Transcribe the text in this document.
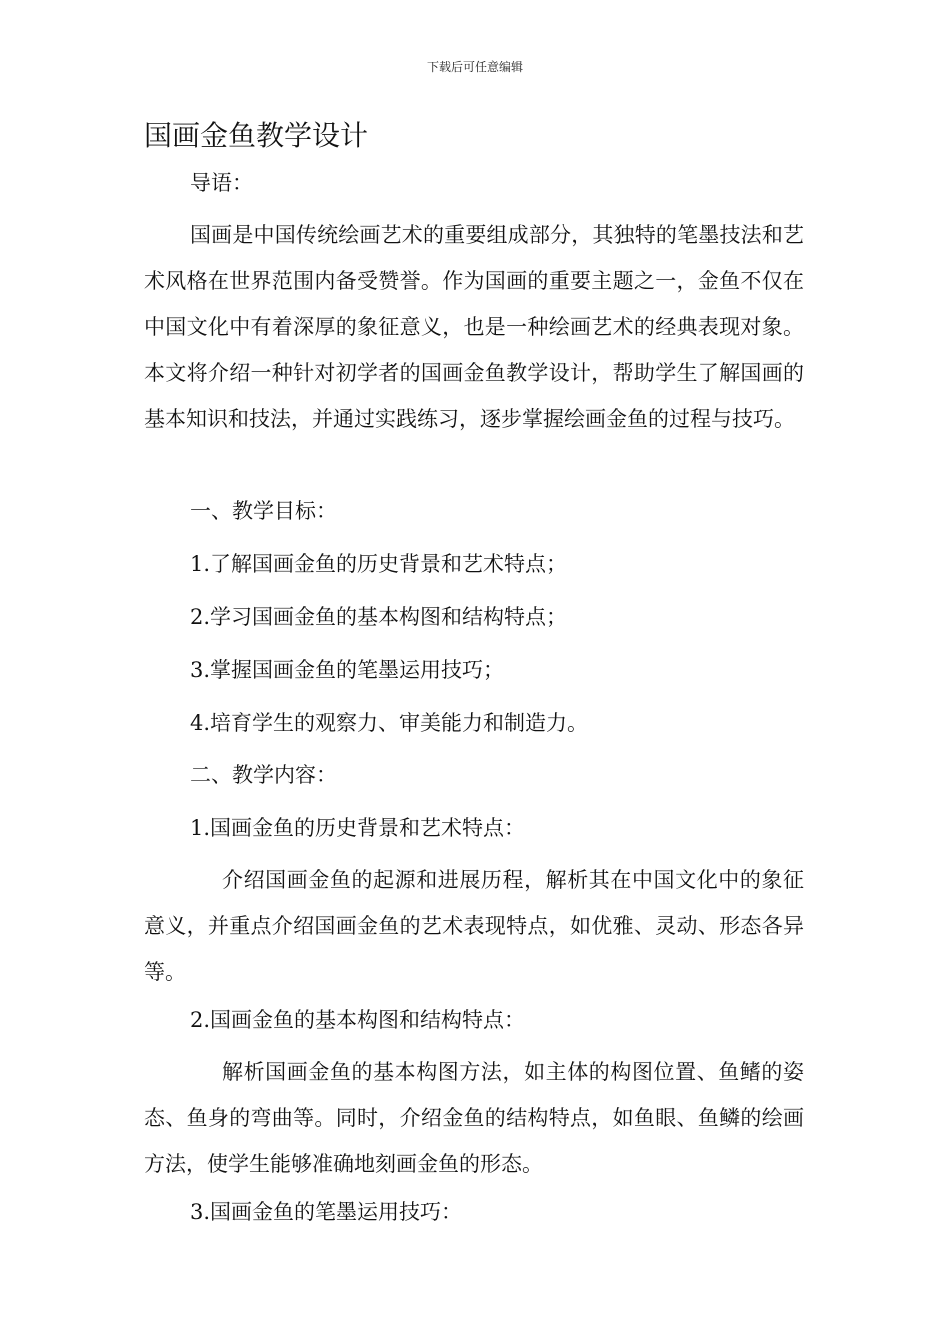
下载后可任意编辑
国画金鱼教学设计
导语：

国画是中国传统绘画艺术的重要组成部分，其独特的笔墨技法和艺术风格在世界范围内备受赞誉。作为国画的重要主题之一，金鱼不仅在中国文化中有着深厚的象征意义，也是一种绘画艺术的经典表现对象。本文将介绍一种针对初学者的国画金鱼教学设计，帮助学生了解国画的基本知识和技法，并通过实践练习，逐步掌握绘画金鱼的过程与技巧。

一、教学目标：
1.了解国画金鱼的历史背景和艺术特点；
2.学习国画金鱼的基本构图和结构特点；
3.掌握国画金鱼的笔墨运用技巧；
4.培育学生的观察力、审美能力和制造力。
二、教学内容：
1.国画金鱼的历史背景和艺术特点：

介绍国画金鱼的起源和进展历程，解析其在中国文化中的象征意义，并重点介绍国画金鱼的艺术表现特点，如优雅、灵动、形态各异等。

2.国画金鱼的基本构图和结构特点：

解析国画金鱼的基本构图方法，如主体的构图位置、鱼鳍的姿态、鱼身的弯曲等。同时，介绍金鱼的结构特点，如鱼眼、鱼鳞的绘画方法，使学生能够准确地刻画金鱼的形态。

3.国画金鱼的笔墨运用技巧：
